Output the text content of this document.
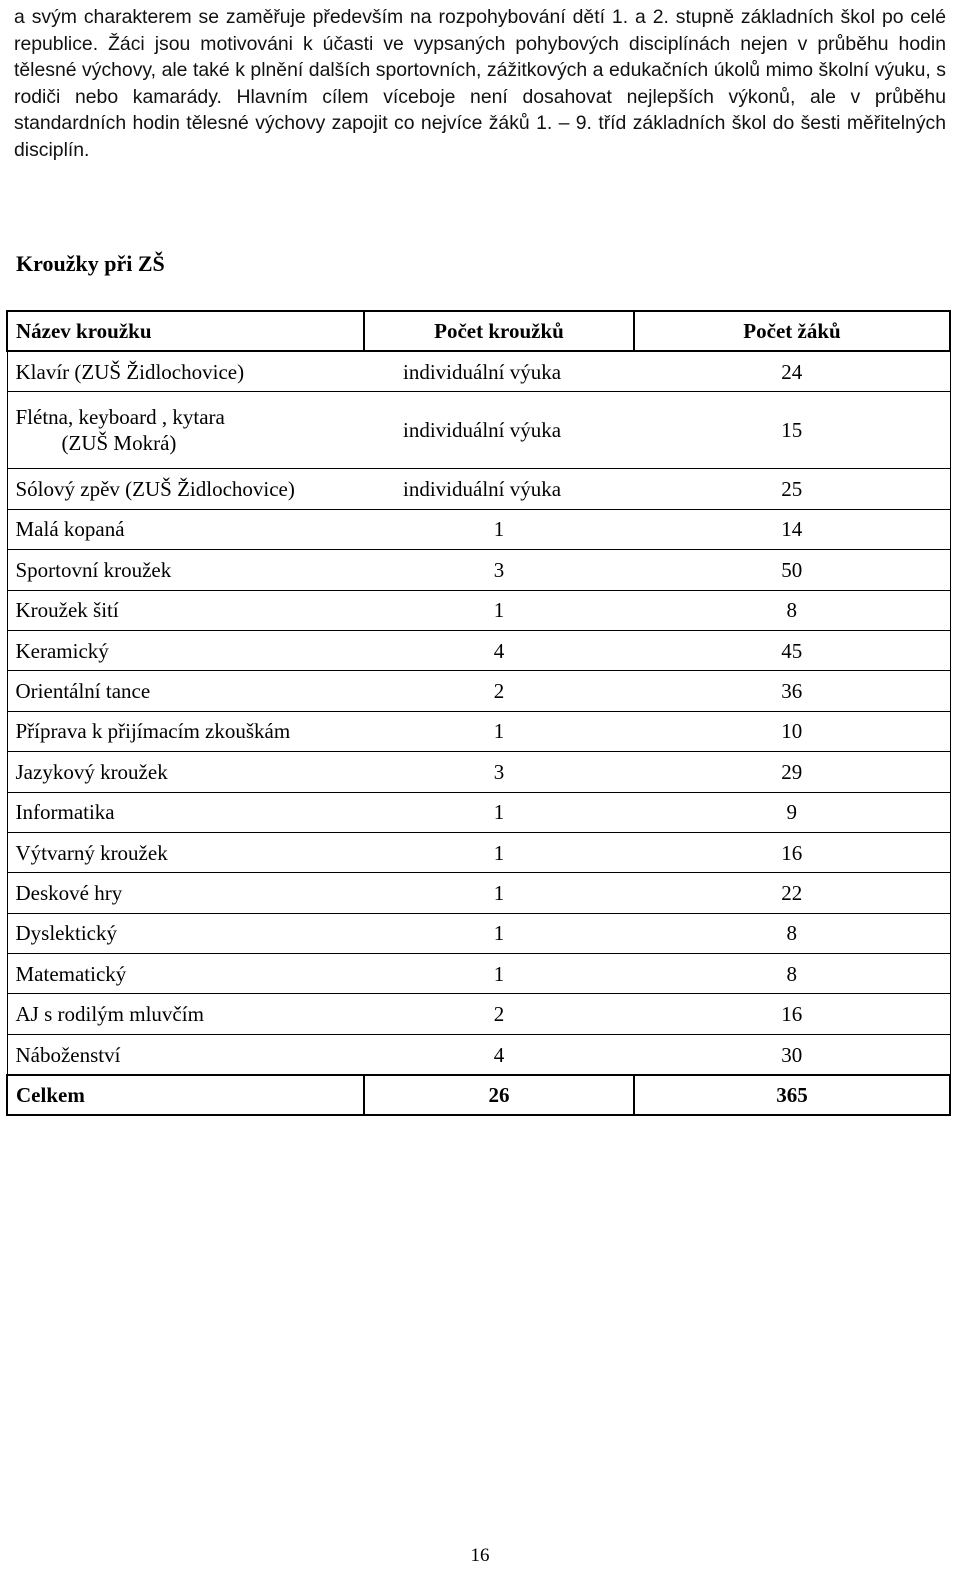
a svým charakterem se zaměřuje především na rozpohybování dětí 1. a 2. stupně základních škol po celé republice. Žáci jsou motivováni k účasti ve vypsaných pohybových disciplínách nejen v průběhu hodin tělesné výchovy, ale také k plnění dalších sportovních, zážitkových a edukačních úkolů mimo školní výuku, s rodiči nebo kamarády. Hlavním cílem víceboje není dosahovat nejlepších výkonů, ale v průběhu standardních hodin tělesné výchovy zapojit co nejvíce žáků 1. – 9. tříd základních škol do šesti měřitelných disciplín.

Kroužky při ZŠ
Název kroužku	Počet kroužků	Počet žáků
Klavír (ZUŠ Židlochovice)	individuální výuka	24

Flétna, keyboard , kytara
(ZUŠ Mokrá)	individuální výuka	15
Sólový zpěv (ZUŠ Židlochovice)	individuální výuka	25
Malá kopaná	1	14
Sportovní kroužek	3	50
Kroužek šití	1	8
Keramický	4	45
Orientální tance	2	36
Příprava k přijímacím zkouškám	1	10
Jazykový kroužek	3	29
Informatika	1	9
Výtvarný kroužek	1	16
Deskové hry	1	22
Dyslektický	1	8
Matematický	1	8
AJ s rodilým mluvčím	2	16
Náboženství	4	30
Celkem	26	365
16
